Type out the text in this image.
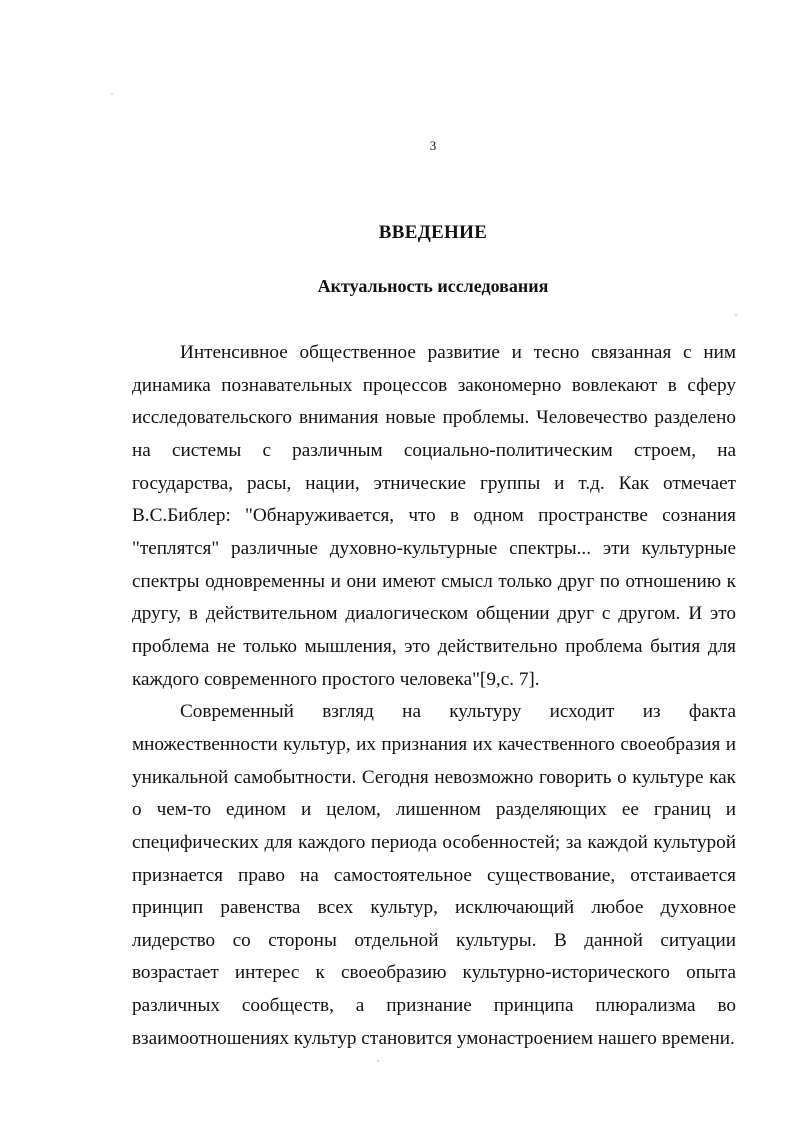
3
ВВЕДЕНИЕ
Актуальность исследования

Интенсивное общественное развитие и тесно связанная с ним динамика познавательных процессов закономерно вовлекают в сферу исследовательского внимания новые проблемы. Человечество разделено на системы с различным социально-политическим строем, на государства, расы, нации, этнические группы и т.д. Как отмечает В.С.Библер: "Обнаруживается, что в одном пространстве сознания "теплятся" различные духовно-культурные спектры... эти культурные спектры одновременны и они имеют смысл только друг по отношению к другу, в действительном диалогическом общении друг с другом. И это проблема не только мышления, это действительно проблема бытия для каждого современного простого человека"[9,с. 7].

Современный взгляд на культуру исходит из факта множественности культур, их признания их качественного своеобразия и уникальной самобытности. Сегодня невозможно говорить о культуре как о чем-то едином и целом, лишенном разделяющих ее границ и специфических для каждого периода особенностей; за каждой культурой признается право на самостоятельное существование, отстаивается принцип равенства всех культур, исключающий любое духовное лидерство со стороны отдельной культуры. В данной ситуации возрастает интерес к своеобразию культурно-исторического опыта различных сообществ, а признание принципа плюрализма во взаимоотношениях культур становится умонастроением нашего времени.
